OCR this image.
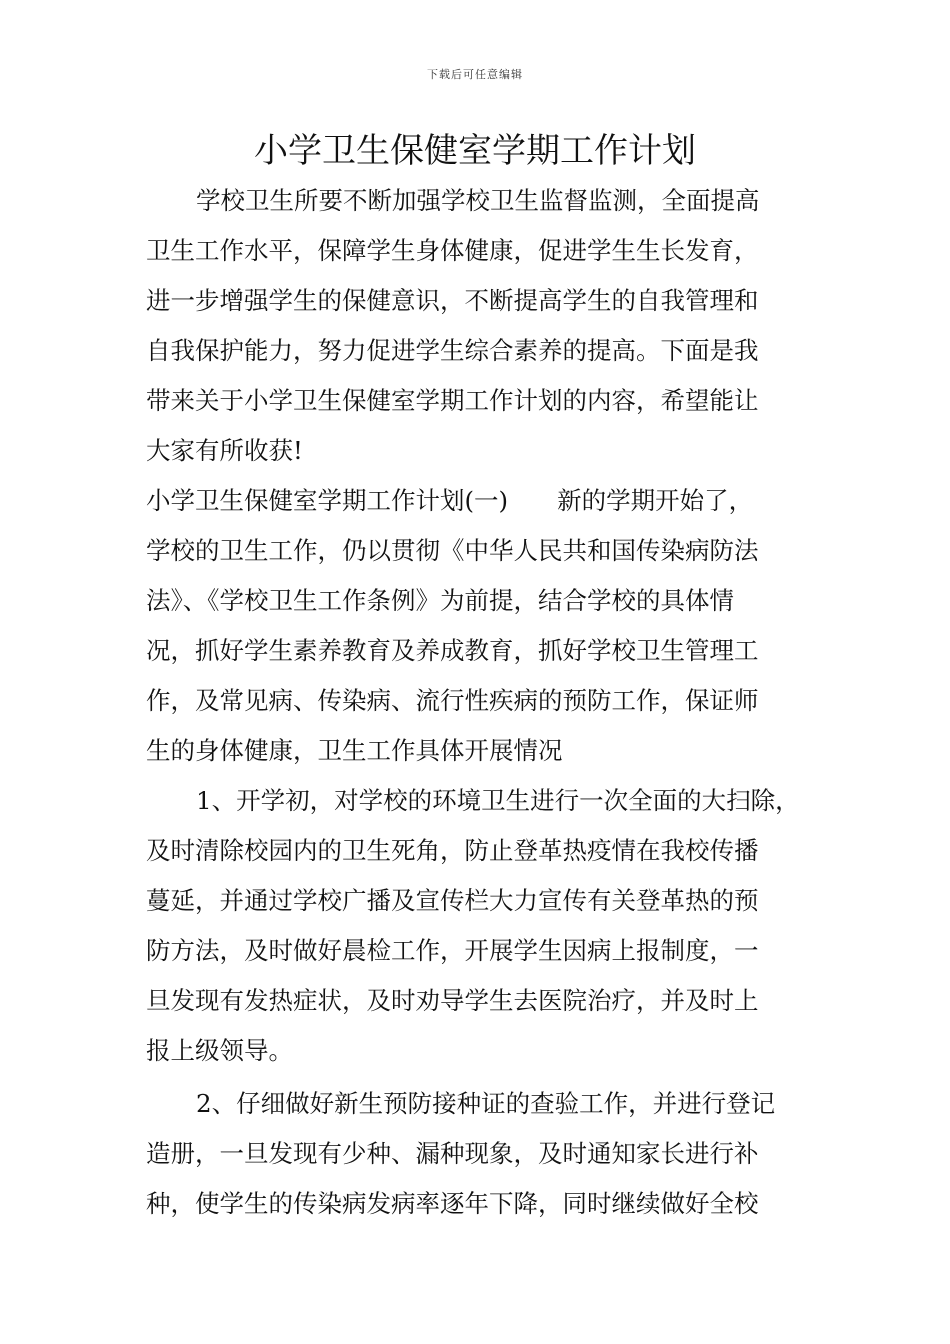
下载后可任意编辑
小学卫生保健室学期工作计划

学校卫生所要不断加强学校卫生监督监测，全面提高

卫生工作水平，保障学生身体健康，促进学生生长发育，

进一步增强学生的保健意识，不断提高学生的自我管理和

自我保护能力，努力促进学生综合素养的提高。下面是我

带来关于小学卫生保健室学期工作计划的内容，希望能让

大家有所收获!

小学卫生保健室学期工作计划(一)　　新的学期开始了，

学校的卫生工作，仍以贯彻《中华人民共和国传染病防法

法》、《学校卫生工作条例》为前提，结合学校的具体情

况，抓好学生素养教育及养成教育，抓好学校卫生管理工

作，及常见病、传染病、流行性疾病的预防工作，保证师

生的身体健康，卫生工作具体开展情况

1、开学初，对学校的环境卫生进行一次全面的大扫除，

及时清除校园内的卫生死角，防止登革热疫情在我校传播

蔓延，并通过学校广播及宣传栏大力宣传有关登革热的预

防方法，及时做好晨检工作，开展学生因病上报制度，一

旦发现有发热症状，及时劝导学生去医院治疗，并及时上

报上级领导。

2、仔细做好新生预防接种证的查验工作，并进行登记

造册，一旦发现有少种、漏种现象，及时通知家长进行补

种，使学生的传染病发病率逐年下降，同时继续做好全校
